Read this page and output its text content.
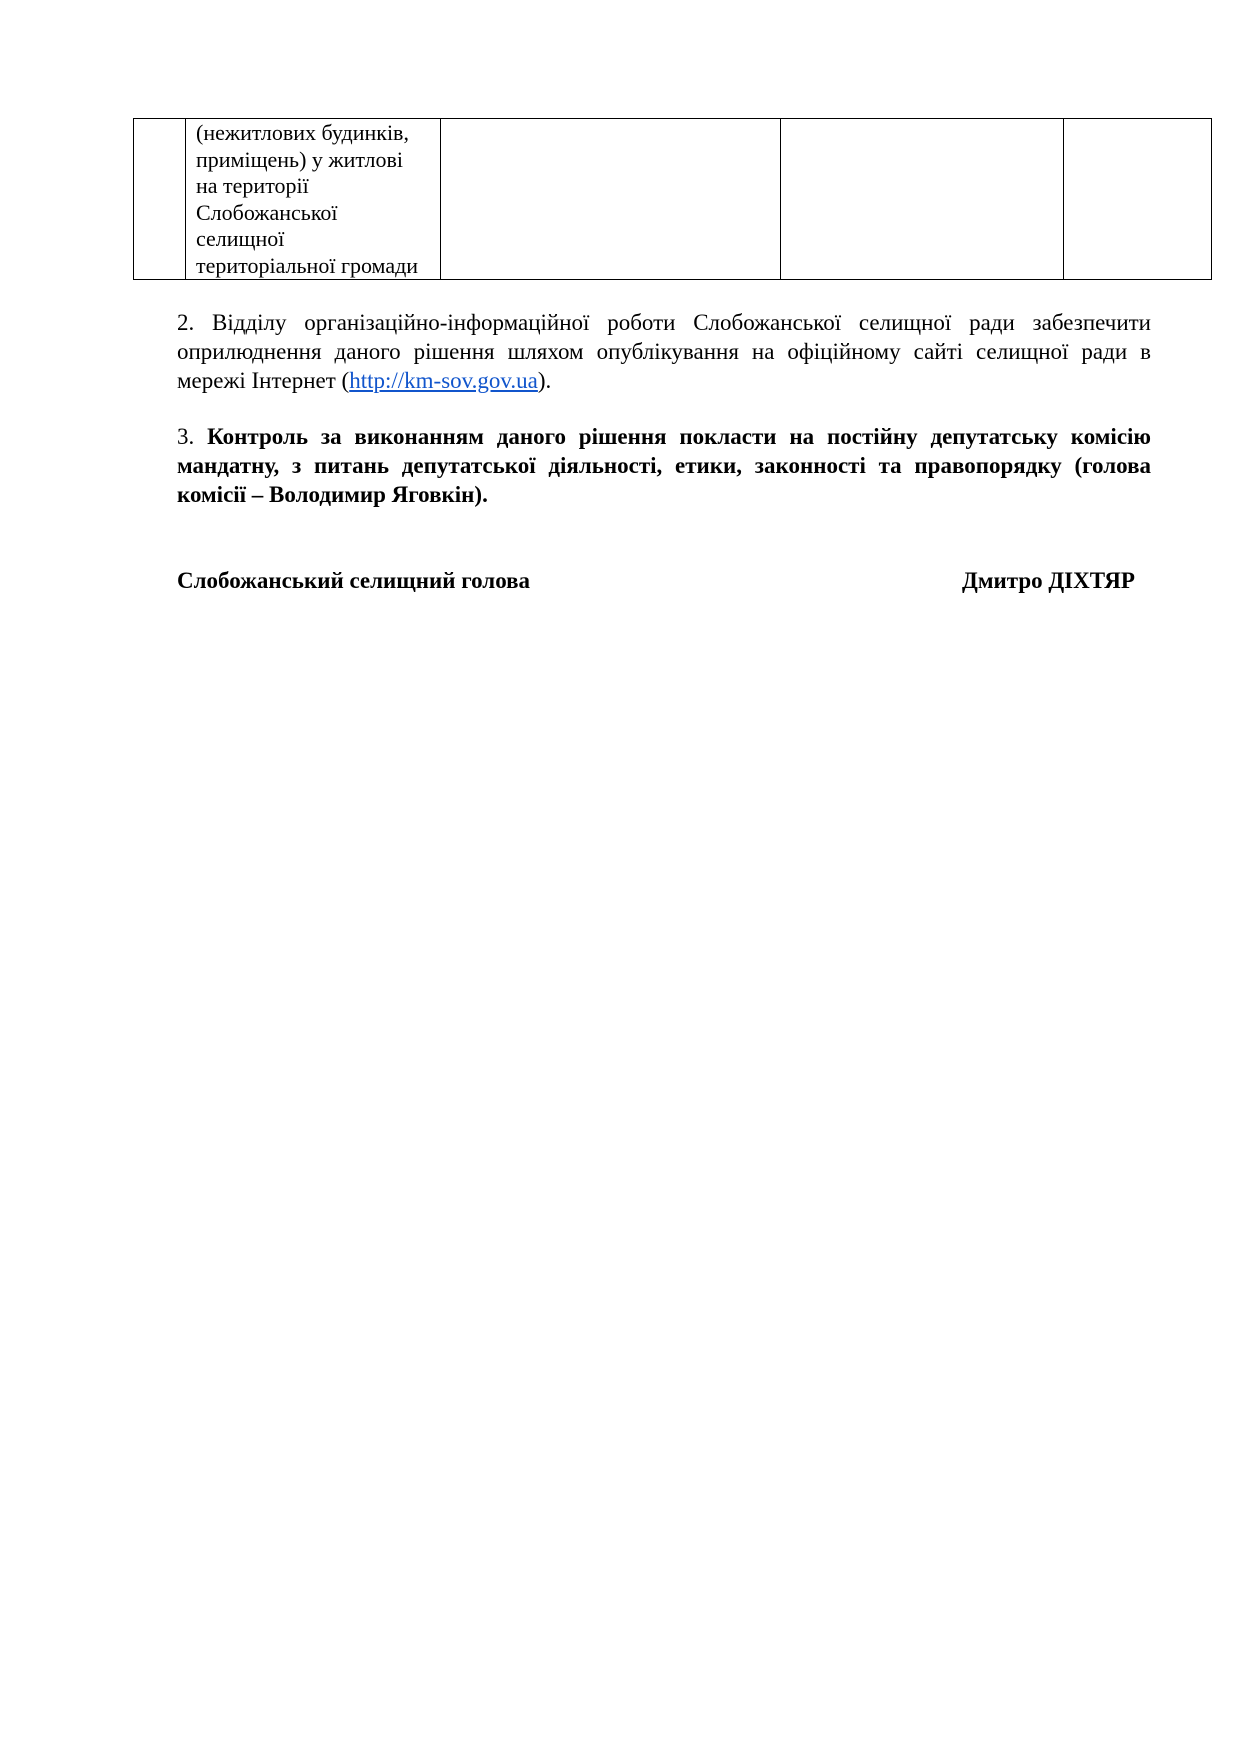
(нежитлових будинків,
приміщень) у житлові
на території
Слобожанської
селищної
територіальної громади

2. Відділу організаційно-інформаційної роботи Слобожанської селищної ради забезпечити оприлюднення даного рішення шляхом опублікування на офіційному сайті селищної ради в мережі Інтернет (http://km-sov.gov.ua).
3. Контроль за виконанням даного рішення покласти на постійну депутатську комісію мандатну, з питань депутатської діяльності, етики, законності та правопорядку (голова комісії – Володимир Яговкін).
Слобожанський селищний голова	Дмитро ДІХТЯР
